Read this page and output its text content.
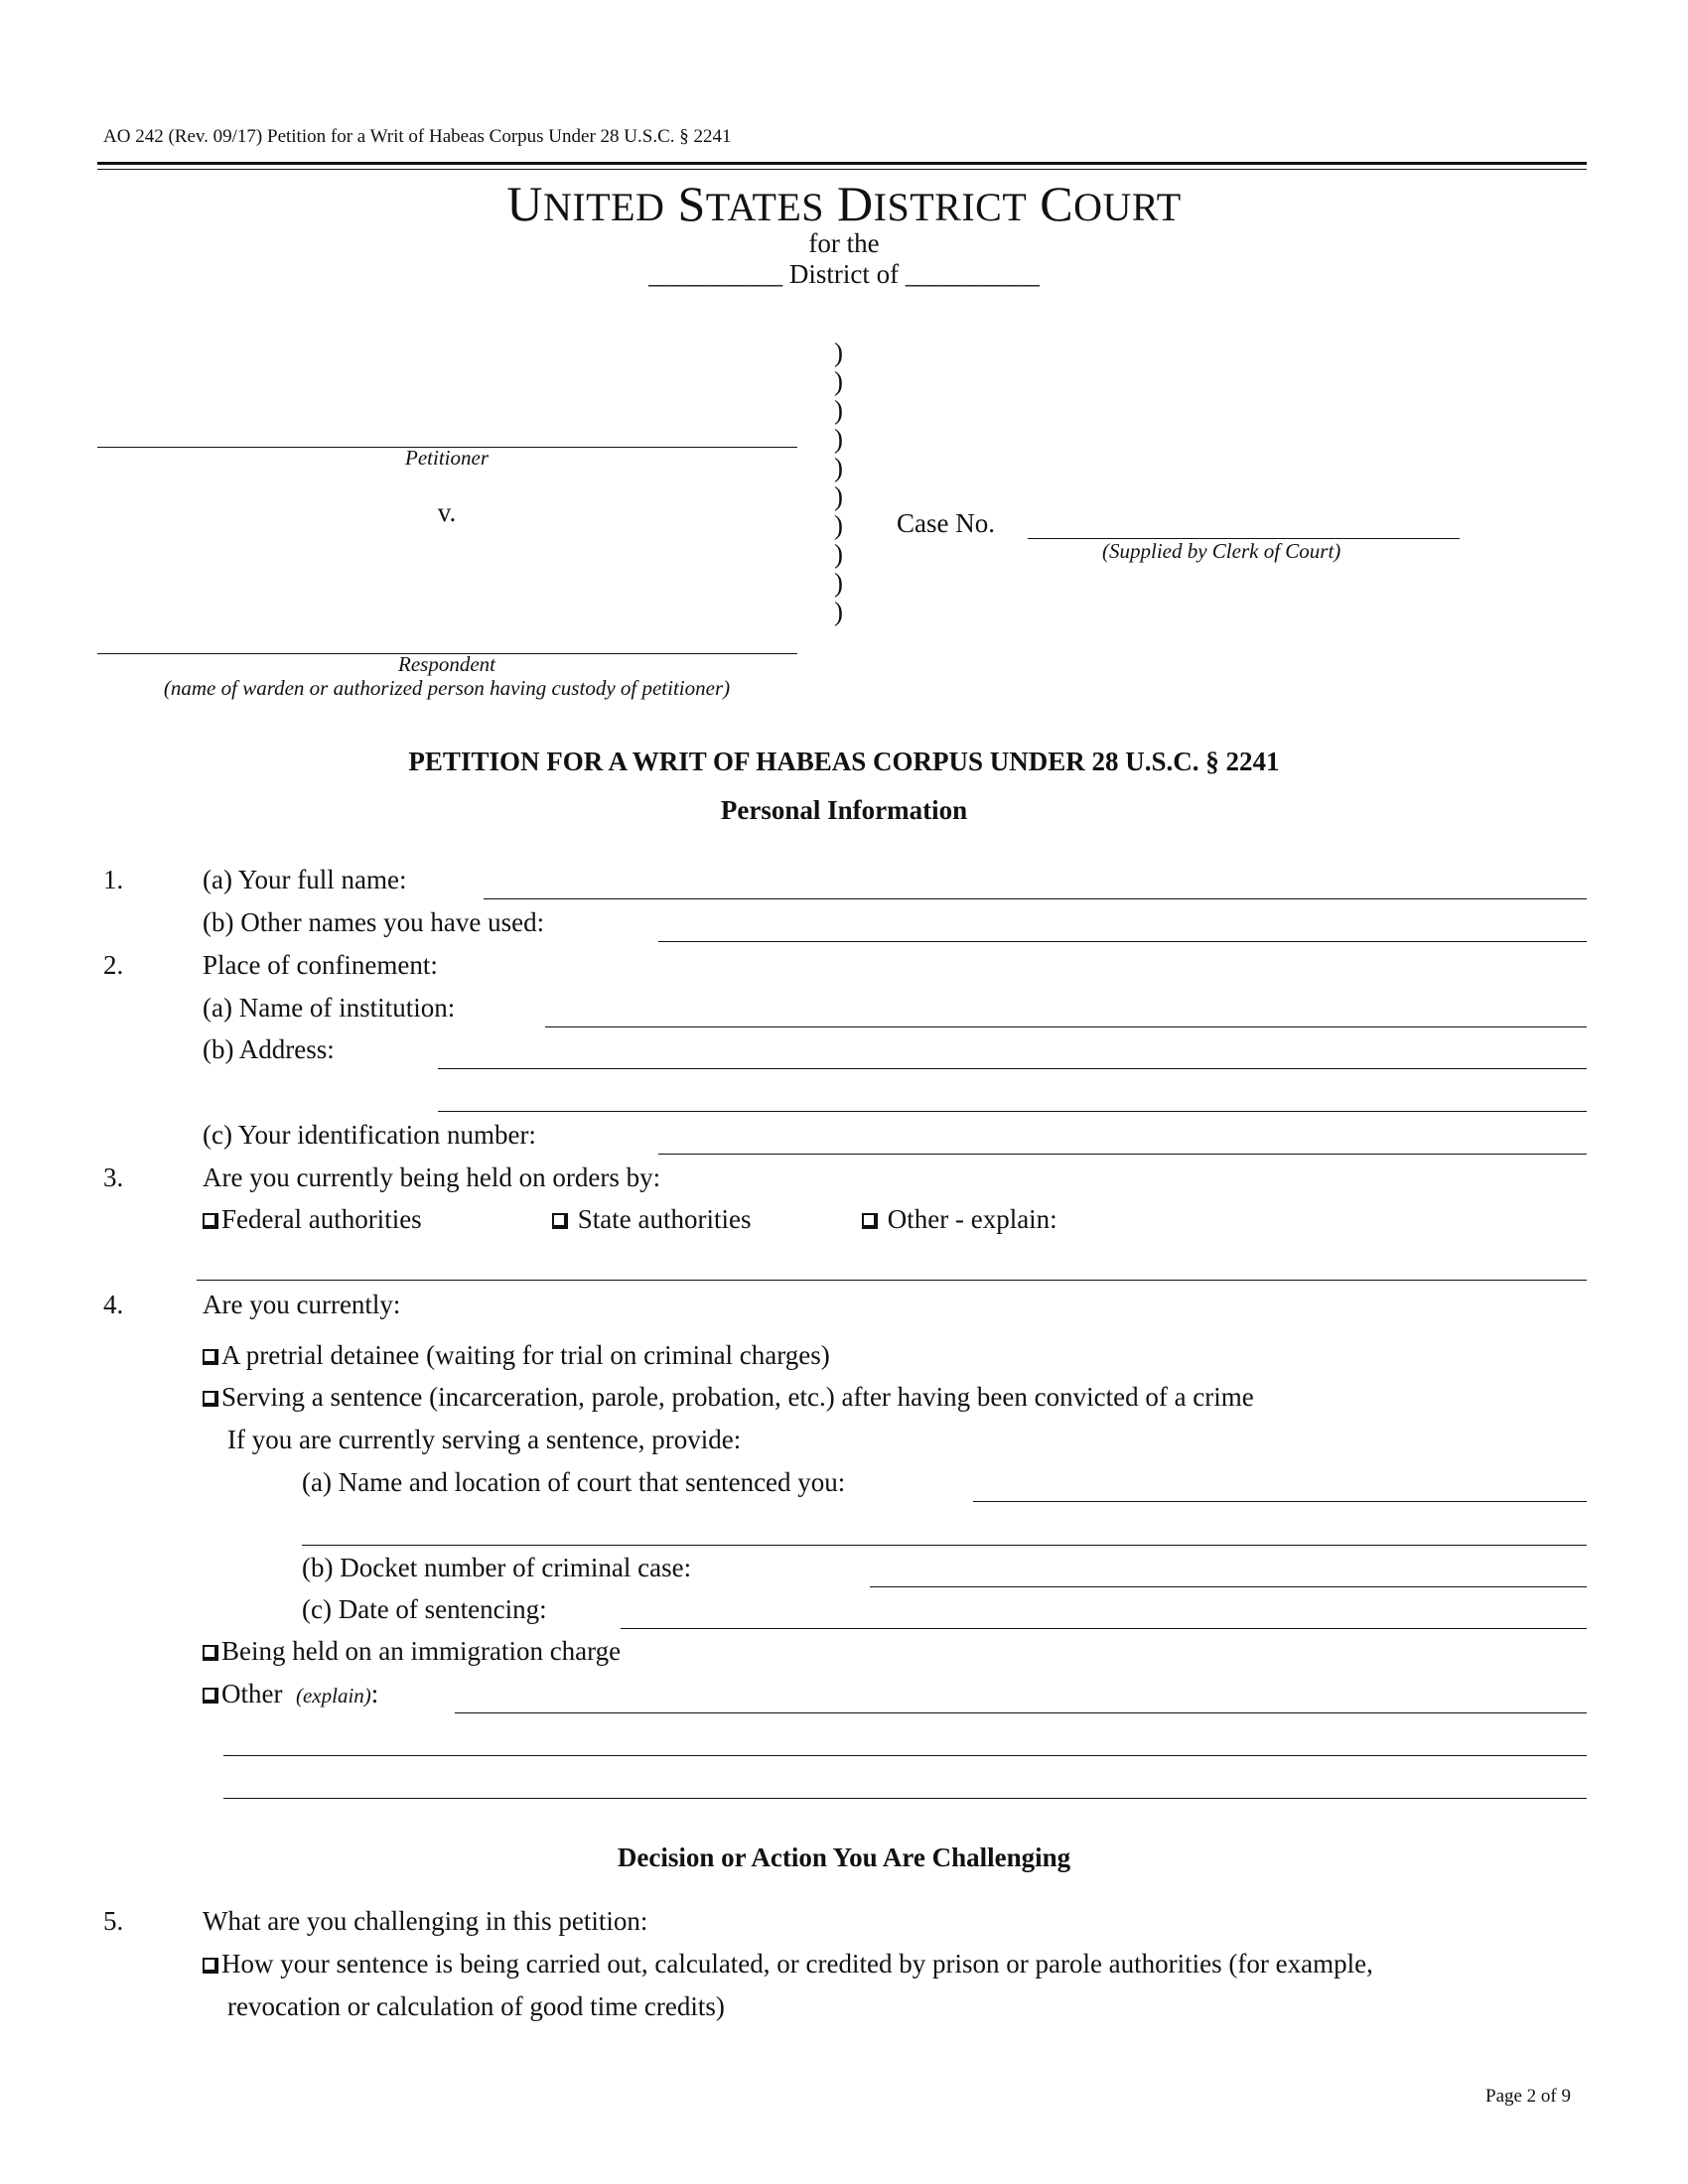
AO 242 (Rev. 09/17) Petition for a Writ of Habeas Corpus Under 28 U.S.C. § 2241
UNITED STATES DISTRICT COURT
for the
__________ District of __________
)
)
)
)
)
)
)
)
)
)
Petitioner
v.	Case No.
(Supplied by Clerk of Court)
Respondent
(name of warden or authorized person having custody of petitioner)
PETITION FOR A WRIT OF HABEAS CORPUS UNDER 28 U.S.C. § 2241
Personal Information
1.	(a) Your full name:
(b) Other names you have used:
2.	Place of confinement:
(a) Name of institution:
(b) Address:
(c) Your identification number:
3.	Are you currently being held on orders by:
Federal authorities	State authorities	Other - explain:
4.	Are you currently:
A pretrial detainee (waiting for trial on criminal charges)
Serving a sentence (incarceration, parole, probation, etc.) after having been convicted of a crime
If you are currently serving a sentence, provide:
(a) Name and location of court that sentenced you:
(b) Docket number of criminal case:
(c) Date of sentencing:
Being held on an immigration charge
Other (explain):
Decision or Action You Are Challenging
5.	What are you challenging in this petition:
How your sentence is being carried out, calculated, or credited by prison or parole authorities (for example,
revocation or calculation of good time credits)
Page 2 of 9
